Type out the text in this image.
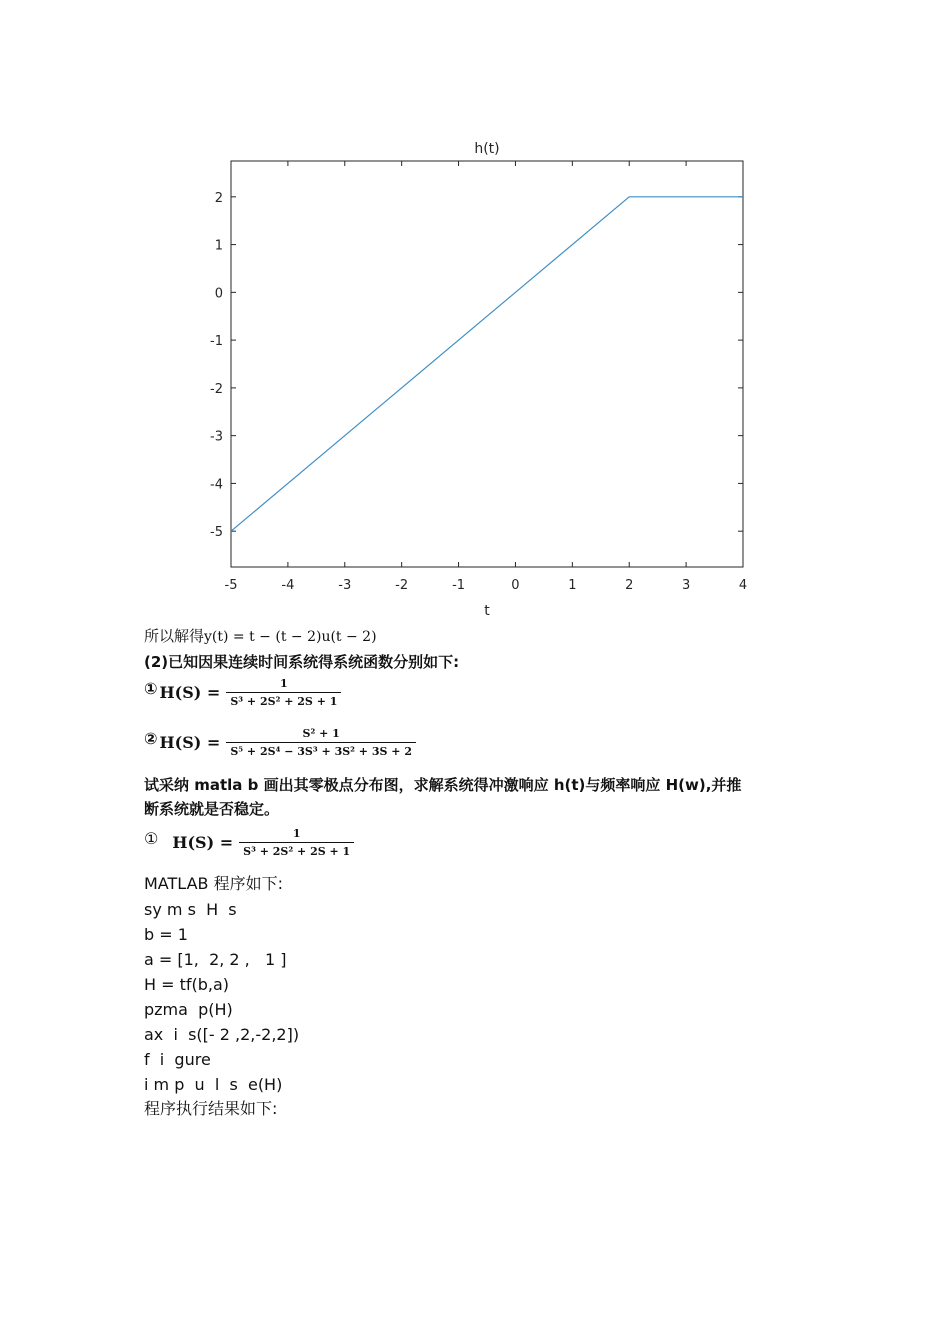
-5	-4	-3	-2	-1	0	1	2	3	4
2
1
0
-1
-2
-3
-4
-5
h(t)
t
所以解得y(t) = t − (t − 2)u(t − 2)
(2)已知因果连续时间系统得系统函数分别如下:
① $H(S) = \frac{1}{\text{S³ + 2S² + 2S + 1}}$
② $H(S) = \frac{\text{S² + 1}}{\text{S⁵ + 2S⁴ − 3S³ + 3S² + 3S + 2}}$
试采纳 matla b 画出其零极点分布图，求解系统得冲激响应 h(t)与频率响应 H(w),并推
断系统就是否稳定。
① $H(S) = \frac{1}{\text{S³ + 2S² + 2S + 1}}$
MATLAB 程序如下:
sy m s  H  s
b = 1
a = [1,  2, 2 ,   1 ]
H = tf(b,a)
pzma  p(H)
ax  i  s([- 2 ,2,-2,2])
f  i  gure
i m p  u  l  s  e(H)
程序执行结果如下:
